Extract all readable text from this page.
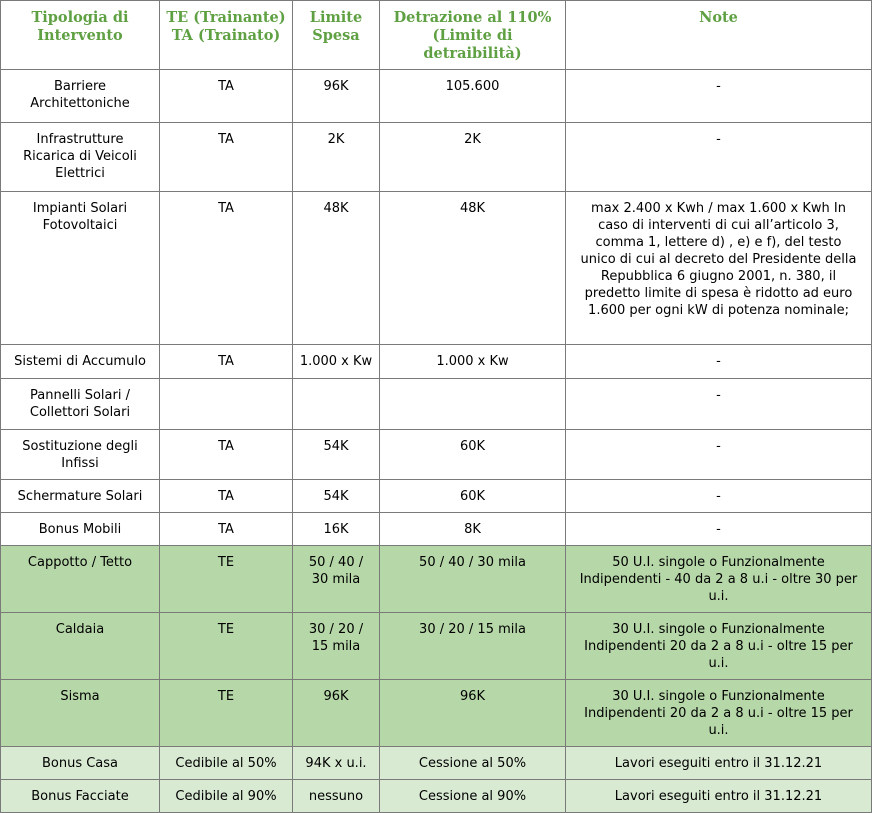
Tipologia di Intervento	TE (Trainante) TA (Trainato)	Limite Spesa	Detrazione al 110% (Limite di detraibilità)	Note
Barriere Architettoniche	TA	96K	105.600	-
Infrastrutture Ricarica di Veicoli Elettrici	TA	2K	2K	-
Impianti Solari Fotovoltaici	TA	48K	48K	max 2.400 x Kwh / max 1.600 x Kwh In caso di interventi di cui all’articolo 3, comma 1, lettere d) , e) e f), del testo unico di cui al decreto del Presidente della Repubblica 6 giugno 2001, n. 380, il predetto limite di spesa è ridotto ad euro 1.600 per ogni kW di potenza nominale;
Sistemi di Accumulo	TA	1.000 x Kw	1.000 x Kw	-
Pannelli Solari / Collettori Solari				-
Sostituzione degli Infissi	TA	54K	60K	-
Schermature Solari	TA	54K	60K	-
Bonus Mobili	TA	16K	8K	-
Cappotto / Tetto	TE	50 / 40 / 30 mila	50 / 40 / 30 mila	50 U.I. singole o Funzionalmente Indipendenti - 40 da 2 a 8 u.i - oltre 30 per u.i.
Caldaia	TE	30 / 20 / 15 mila	30 / 20 / 15 mila	30 U.I. singole o Funzionalmente Indipendenti 20 da 2 a 8 u.i - oltre 15 per u.i.
Sisma	TE	96K	96K	30 U.I. singole o Funzionalmente Indipendenti 20 da 2 a 8 u.i - oltre 15 per u.i.
Bonus Casa	Cedibile al 50%	94K x u.i.	Cessione al 50%	Lavori eseguiti entro il 31.12.21
Bonus Facciate	Cedibile al 90%	nessuno	Cessione al 90%	Lavori eseguiti entro il 31.12.21
